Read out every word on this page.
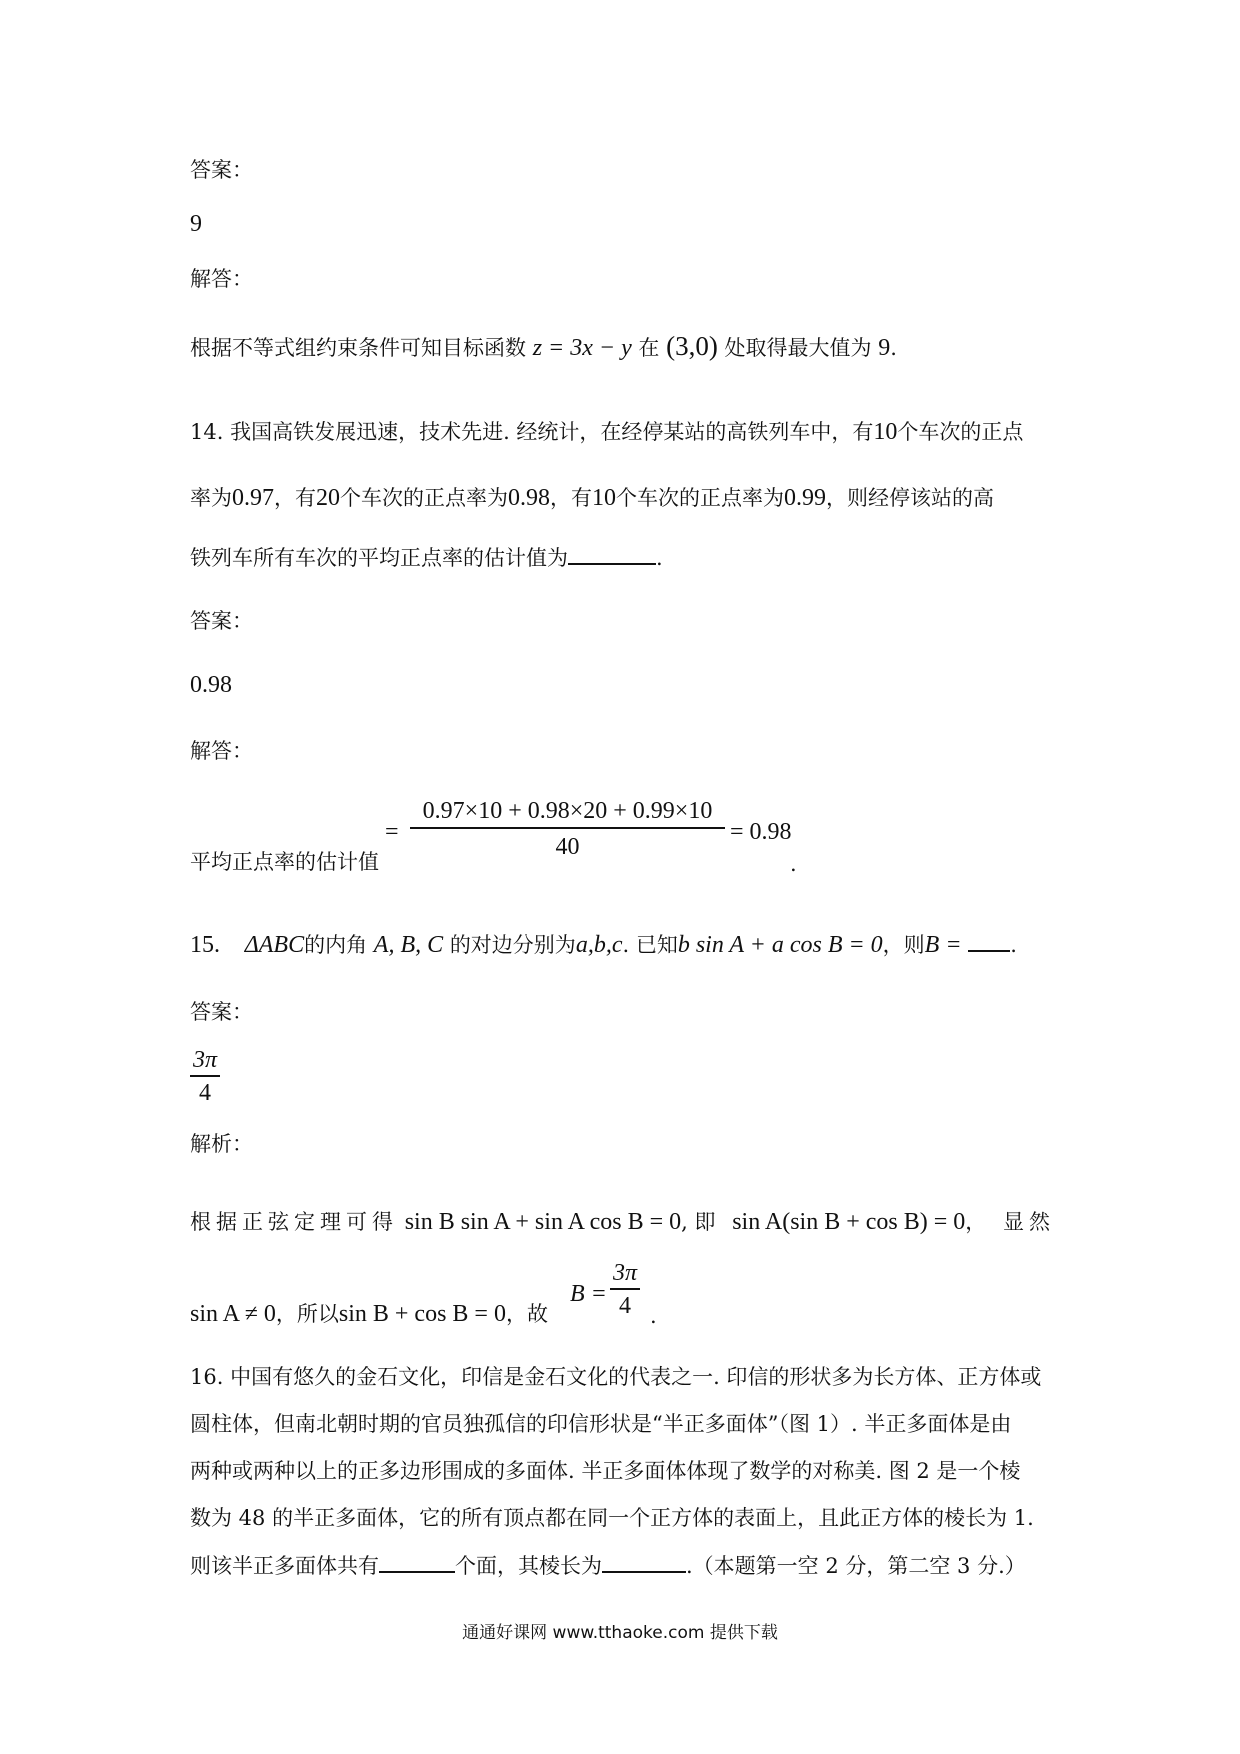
答案：
9
解答：
根据不等式组约束条件可知目标函数 z = 3x − y 在 (3,0) 处取得最大值为 9.
14. 我国高铁发展迅速，技术先进. 经统计，在经停某站的高铁列车中，有10个车次的正点
率为0.97，有20个车次的正点率为0.98，有10个车次的正点率为0.99，则经停该站的高
铁列车所有车次的平均正点率的估计值为	.
答案：
0.98
解答：
平均正点率的估计值
= $\frac{0.97\times 10 + 0.98\times 20 + 0.99\times 10}{40} = 0.98$
.
15. ΔABC的内角 A, B, C 的对边分别为a,b,c. 已知b sin A + a cos B = 0，则B = .
答案：
$\frac{3\pi}{4}$
解析：
根据正弦定理可得 sin B sin A + sin A cos B = 0, 即 sin A(sin B + cos B) = 0， 显然
sin A ≠ 0，所以sin B + cos B = 0，故
$B = \frac{3\pi}{4}$ .
16. 中国有悠久的金石文化，印信是金石文化的代表之一. 印信的形状多为长方体、正方体或
圆柱体，但南北朝时期的官员独孤信的印信形状是“半正多面体”（图 1）. 半正多面体是由
两种或两种以上的正多边形围成的多面体. 半正多面体体现了数学的对称美. 图 2 是一个棱
数为 48 的半正多面体，它的所有顶点都在同一个正方体的表面上，且此正方体的棱长为 1.
则该半正多面体共有	个面，其棱长为	.（本题第一空 2 分，第二空 3 分.）
通通好课网 www.tthaoke.com 提供下载
